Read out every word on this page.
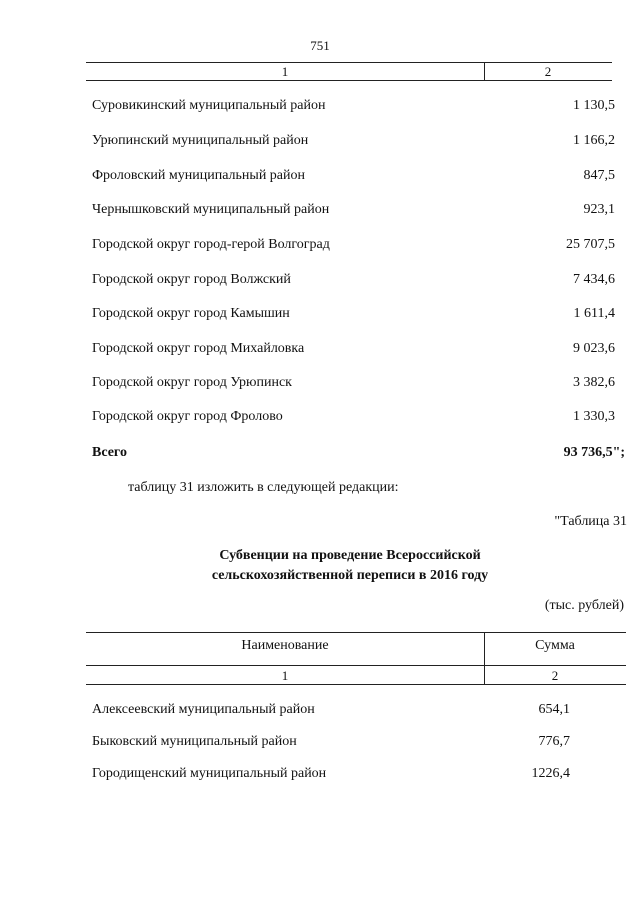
751
1	2
Суровикинский муниципальный район	1 130,5
Урюпинский муниципальный район	1 166,2
Фроловский муниципальный район	847,5
Чернышковский муниципальный район	923,1
Городской округ город-герой Волгоград	25 707,5
Городской округ город Волжский	7 434,6
Городской округ город Камышин	1 611,4
Городской округ город Михайловка	9 023,6
Городской округ город Урюпинск	3 382,6
Городской округ город Фролово	1 330,3
Всего	93 736,5";
таблицу 31 изложить в следующей редакции:
"Таблица 31
Субвенции на проведение Всероссийской
сельскохозяйственной переписи в 2016 году
(тыс. рублей)
Наименование	Сумма
1	2
Алексеевский муниципальный район	654,1
Быковский муниципальный район	776,7
Городищенский муниципальный район	1226,4
